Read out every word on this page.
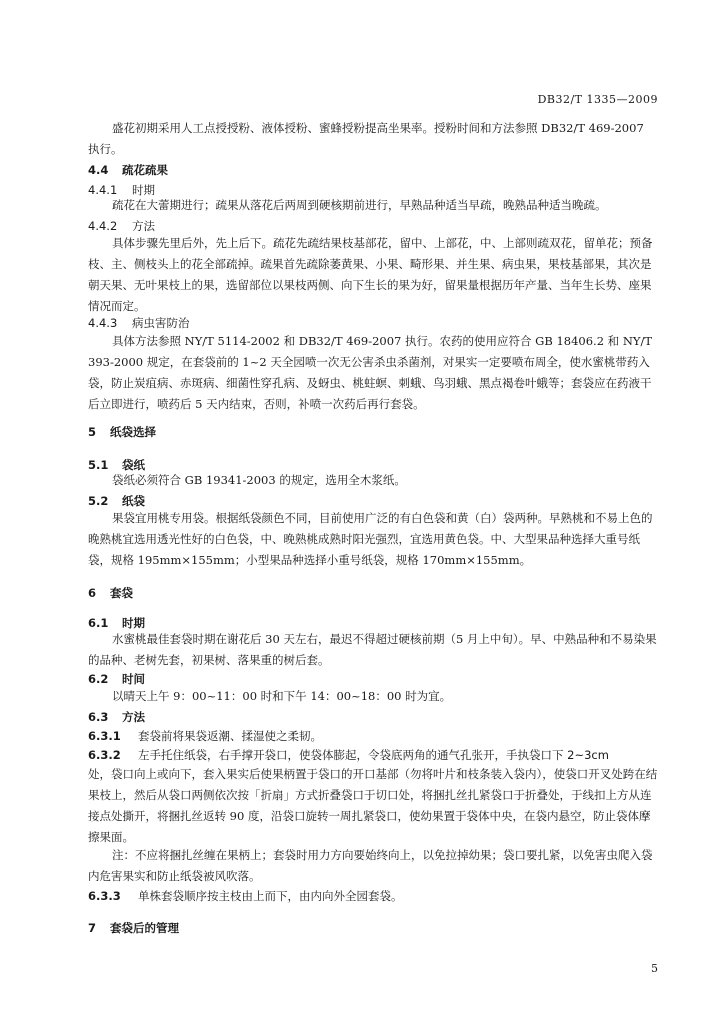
DB32/T 1335—2009

盛花初期采用人工点授授粉、液体授粉、蜜蜂授粉提高坐果率。授粉时间和方法参照 DB32/T 469-2007 执行。

4.4 疏花疏果
4.4.1 时期

疏花在大蕾期进行；疏果从落花后两周到硬核期前进行，早熟品种适当早疏，晚熟品种适当晚疏。

4.4.2 方法

具体步骤先里后外，先上后下。疏花先疏结果枝基部花，留中、上部花，中、上部则疏双花，留单花；预备枝、主、侧枝头上的花全部疏掉。疏果首先疏除萎黄果、小果、畸形果、并生果、病虫果，果枝基部果，其次是朝天果、无叶果枝上的果，选留部位以果枝两侧、向下生长的果为好，留果量根据历年产量、当年生长势、座果情况而定。

4.4.3 病虫害防治

具体方法参照 NY/T 5114-2002 和 DB32/T 469-2007 执行。农药的使用应符合 GB 18406.2 和 NY/T 393-2000 规定，在套袋前的 1~2 天全园喷一次无公害杀虫杀菌剂，对果实一定要喷布周全，使水蜜桃带药入袋，防止炭疽病、赤斑病、细菌性穿孔病、及蚜虫、桃蛀螟、刺蛾、鸟羽蛾、黑点褐卷叶蛾等；套袋应在药液干后立即进行，喷药后 5 天内结束，否则，补喷一次药后再行套袋。

5 纸袋选择
5.1 袋纸

袋纸必须符合 GB 19341-2003 的规定，选用全木浆纸。

5.2 纸袋

果袋宜用桃专用袋。根据纸袋颜色不同，目前使用广泛的有白色袋和黄（白）袋两种。早熟桃和不易上色的晚熟桃宜选用透光性好的白色袋，中、晚熟桃成熟时阳光强烈，宜选用黄色袋。中、大型果品种选择大重号纸袋，规格 195mm×155mm；小型果品种选择小重号纸袋，规格 170mm×155mm。

6 套袋
6.1 时期

水蜜桃最佳套袋时期在谢花后 30 天左右，最迟不得超过硬核前期（5 月上中旬）。早、中熟品种和不易染果的品种、老树先套，初果树、落果重的树后套。

6.2 时间

以晴天上午 9：00~11：00 时和下午 14：00~18：00 时为宜。

6.3 方法
6.3.1 套袋前将果袋返潮、揉湿使之柔韧。
6.3.2 左手托住纸袋，右手撑开袋口，使袋体膨起，令袋底两角的通气孔张开，手执袋口下 2~3cm

处，袋口向上或向下，套入果实后使果柄置于袋口的开口基部（勿将叶片和枝条装入袋内），使袋口开叉处跨在结果枝上，然后从袋口两侧依次按「折扇」方式折叠袋口于切口处，将捆扎丝扎紧袋口于折叠处，于线扣上方从连接点处撕开，将捆扎丝返转 90 度，沿袋口旋转一周扎紧袋口，使幼果置于袋体中央，在袋内悬空，防止袋体摩擦果面。

注：不应将捆扎丝缠在果柄上；套袋时用力方向要始终向上，以免拉掉幼果；袋口要扎紧，以免害虫爬入袋内危害果实和防止纸袋被风吹落。

6.3.3 单株套袋顺序按主枝由上而下，由内向外全园套袋。
7 套袋后的管理
5
